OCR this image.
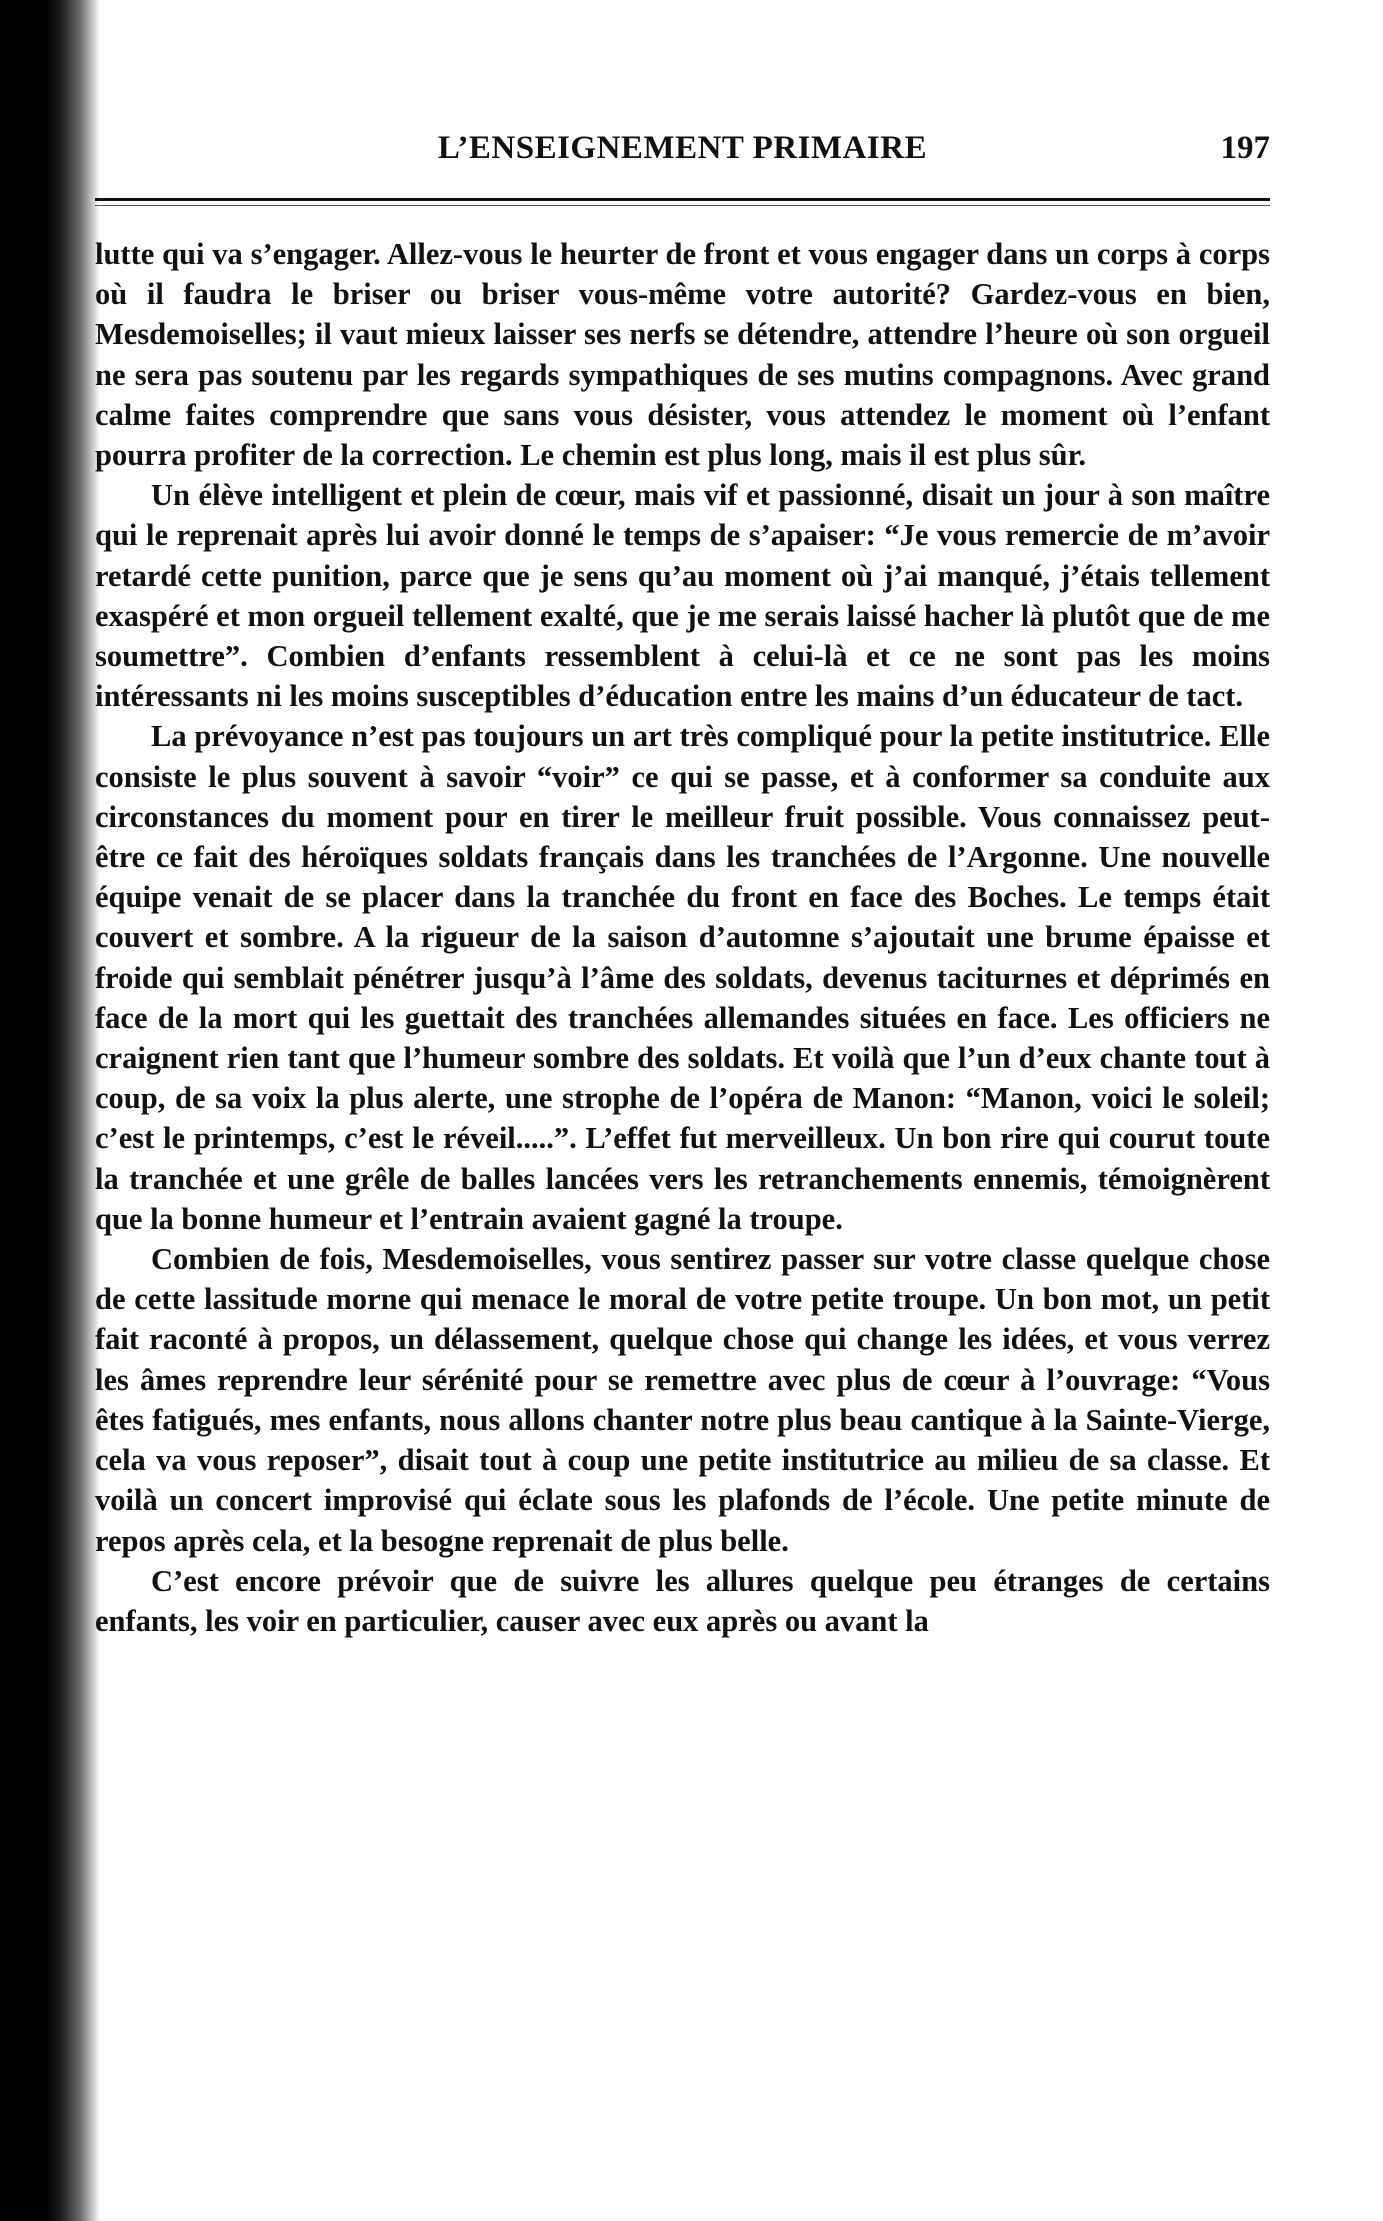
L’ENSEIGNEMENT PRIMAIRE	197

lutte qui va s’engager. Allez-vous le heurter de front et vous engager dans un corps à corps où il faudra le briser ou briser vous-même votre autorité? Gardez-vous en bien, Mesdemoiselles; il vaut mieux laisser ses nerfs se détendre, attendre l’heure où son orgueil ne sera pas soutenu par les regards sympathiques de ses mutins compagnons. Avec grand calme faites comprendre que sans vous désister, vous attendez le moment où l’enfant pourra profiter de la correction. Le chemin est plus long, mais il est plus sûr.

Un élève intelligent et plein de cœur, mais vif et passionné, disait un jour à son maître qui le reprenait après lui avoir donné le temps de s’apaiser: “Je vous remercie de m’avoir retardé cette punition, parce que je sens qu’au moment où j’ai manqué, j’étais tellement exaspéré et mon orgueil tellement exalté, que je me serais laissé hacher là plutôt que de me soumettre”. Combien d’enfants ressemblent à celui-là et ce ne sont pas les moins intéressants ni les moins susceptibles d’éducation entre les mains d’un éducateur de tact.

La prévoyance n’est pas toujours un art très compliqué pour la petite institutrice. Elle consiste le plus souvent à savoir “voir” ce qui se passe, et à conformer sa conduite aux circonstances du moment pour en tirer le meilleur fruit possible. Vous connaissez peut-être ce fait des héroïques soldats français dans les tranchées de l’Argonne. Une nouvelle équipe venait de se placer dans la tranchée du front en face des Boches. Le temps était couvert et sombre. A la rigueur de la saison d’automne s’ajoutait une brume épaisse et froide qui semblait pénétrer jusqu’à l’âme des soldats, devenus taciturnes et déprimés en face de la mort qui les guettait des tranchées allemandes situées en face. Les officiers ne craignent rien tant que l’humeur sombre des soldats. Et voilà que l’un d’eux chante tout à coup, de sa voix la plus alerte, une strophe de l’opéra de Manon: “Manon, voici le soleil; c’est le printemps, c’est le réveil.....”. L’effet fut merveilleux. Un bon rire qui courut toute la tranchée et une grêle de balles lancées vers les retranchements ennemis, témoignèrent que la bonne humeur et l’entrain avaient gagné la troupe.

Combien de fois, Mesdemoiselles, vous sentirez passer sur votre classe quelque chose de cette lassitude morne qui menace le moral de votre petite troupe. Un bon mot, un petit fait raconté à propos, un délassement, quelque chose qui change les idées, et vous verrez les âmes reprendre leur sérénité pour se remettre avec plus de cœur à l’ouvrage: “Vous êtes fatigués, mes enfants, nous allons chanter notre plus beau cantique à la Sainte-Vierge, cela va vous reposer”, disait tout à coup une petite institutrice au milieu de sa classe. Et voilà un concert improvisé qui éclate sous les plafonds de l’école. Une petite minute de repos après cela, et la besogne reprenait de plus belle.

C’est encore prévoir que de suivre les allures quelque peu étranges de certains enfants, les voir en particulier, causer avec eux après ou avant la
